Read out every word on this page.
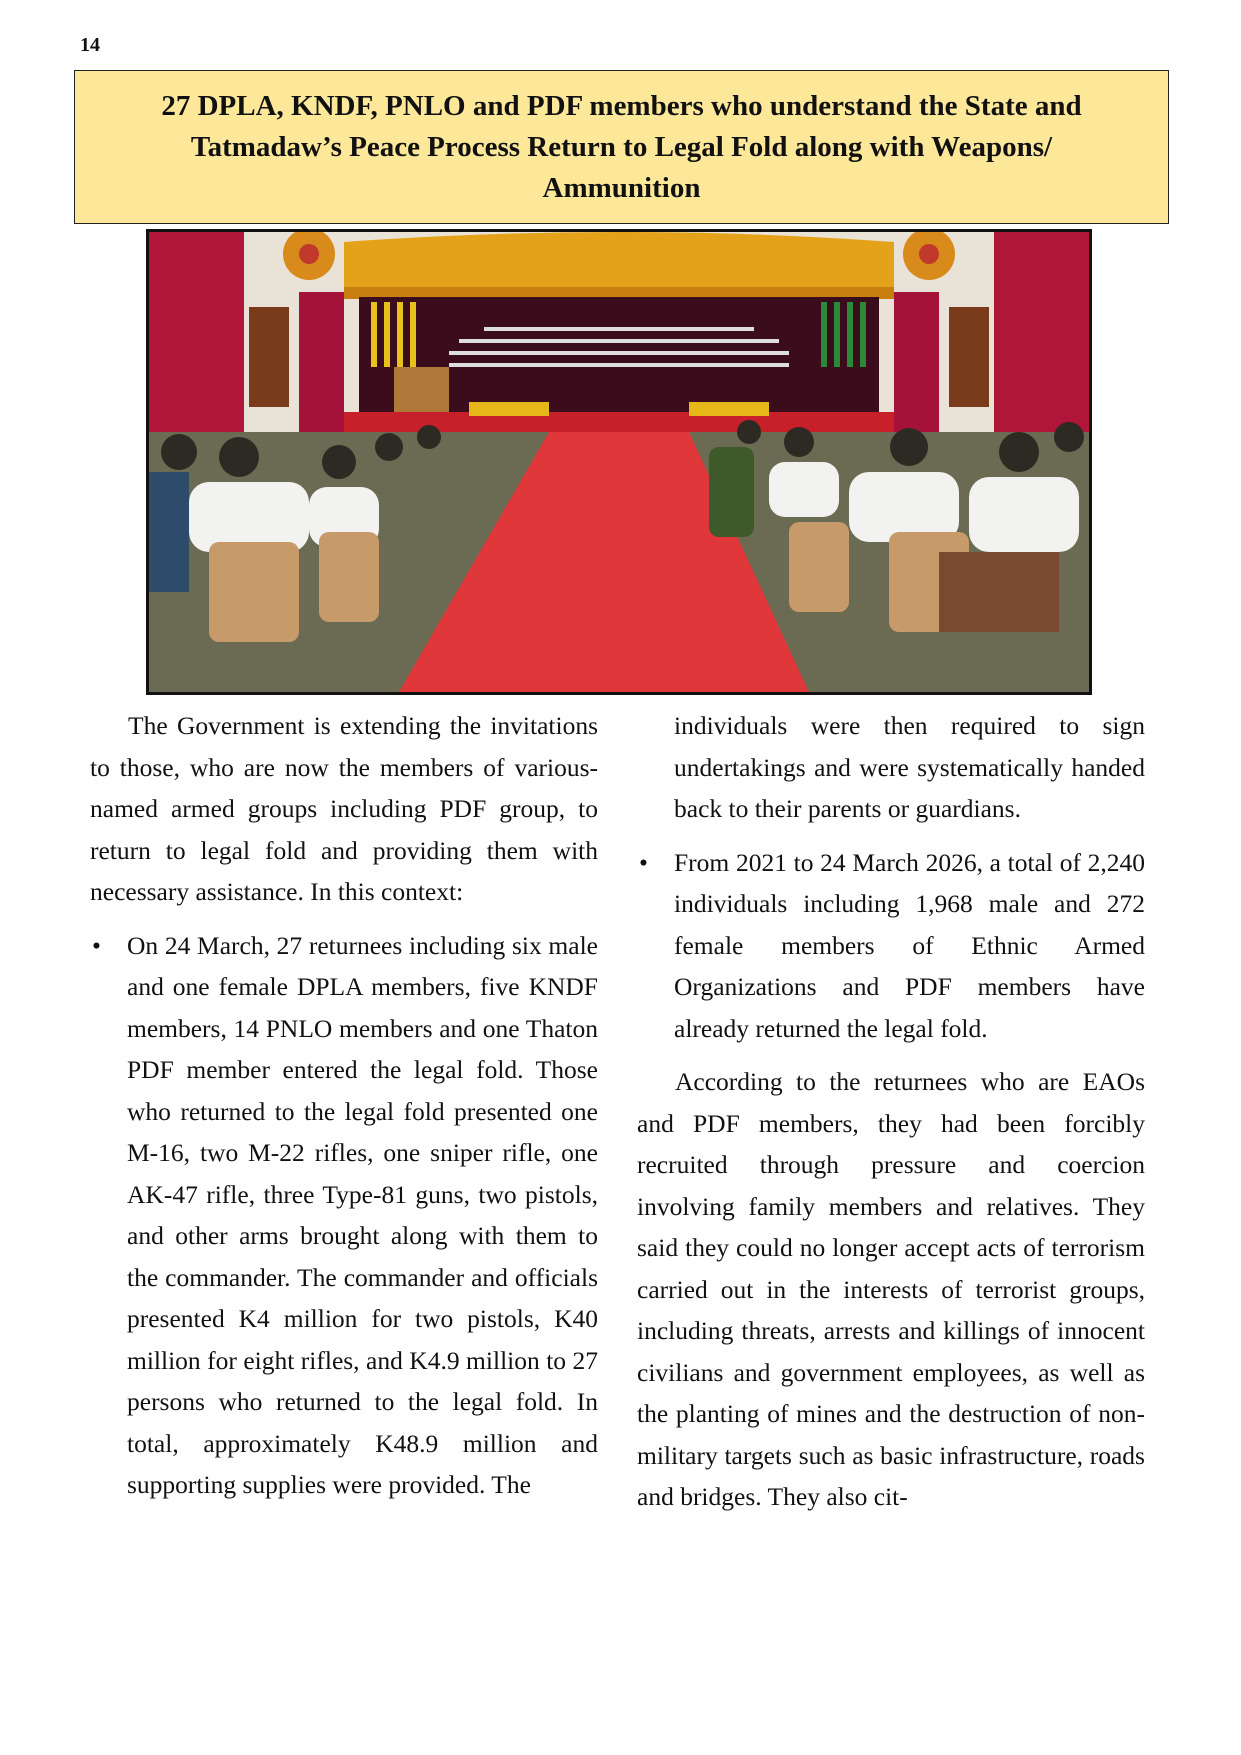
14
27 DPLA, KNDF, PNLO and PDF members who understand the State and
Tatmadaw’s Peace Process Return to Legal Fold along with Weapons/
Ammunition

The Government is extending the invitations to those, who are now the members of various-named armed groups including PDF group, to return to legal fold and providing them with necessary assistance. In this context:

• On 24 March, 27 returnees including six male and one female DPLA members, five KNDF members, 14 PNLO members and one Thaton PDF member entered the legal fold. Those who returned to the legal fold presented one M-16, two M-22 rifles, one sniper rifle, one AK-47 rifle, three Type-81 guns, two pistols, and other arms brought along with them to the commander. The commander and officials presented K4 million for two pistols, K40 million for eight rifles, and K4.9 million to 27 persons who returned to the legal fold. In total, approximately K48.9 million and supporting supplies were provided. The

individuals were then required to sign undertakings and were systematically handed back to their parents or guardians.

• From 2021 to 24 March 2026, a total of 2,240 individuals including 1,968 male and 272 female members of Ethnic Armed Organizations and PDF members have already returned the legal fold.

According to the returnees who are EAOs and PDF members, they had been forcibly recruited through pressure and coercion involving family members and relatives. They said they could no longer accept acts of terrorism carried out in the interests of terrorist groups, including threats, arrests and killings of innocent civilians and government employees, as well as the planting of mines and the destruction of non-military targets such as basic infrastructure, roads and bridges. They also cit-
